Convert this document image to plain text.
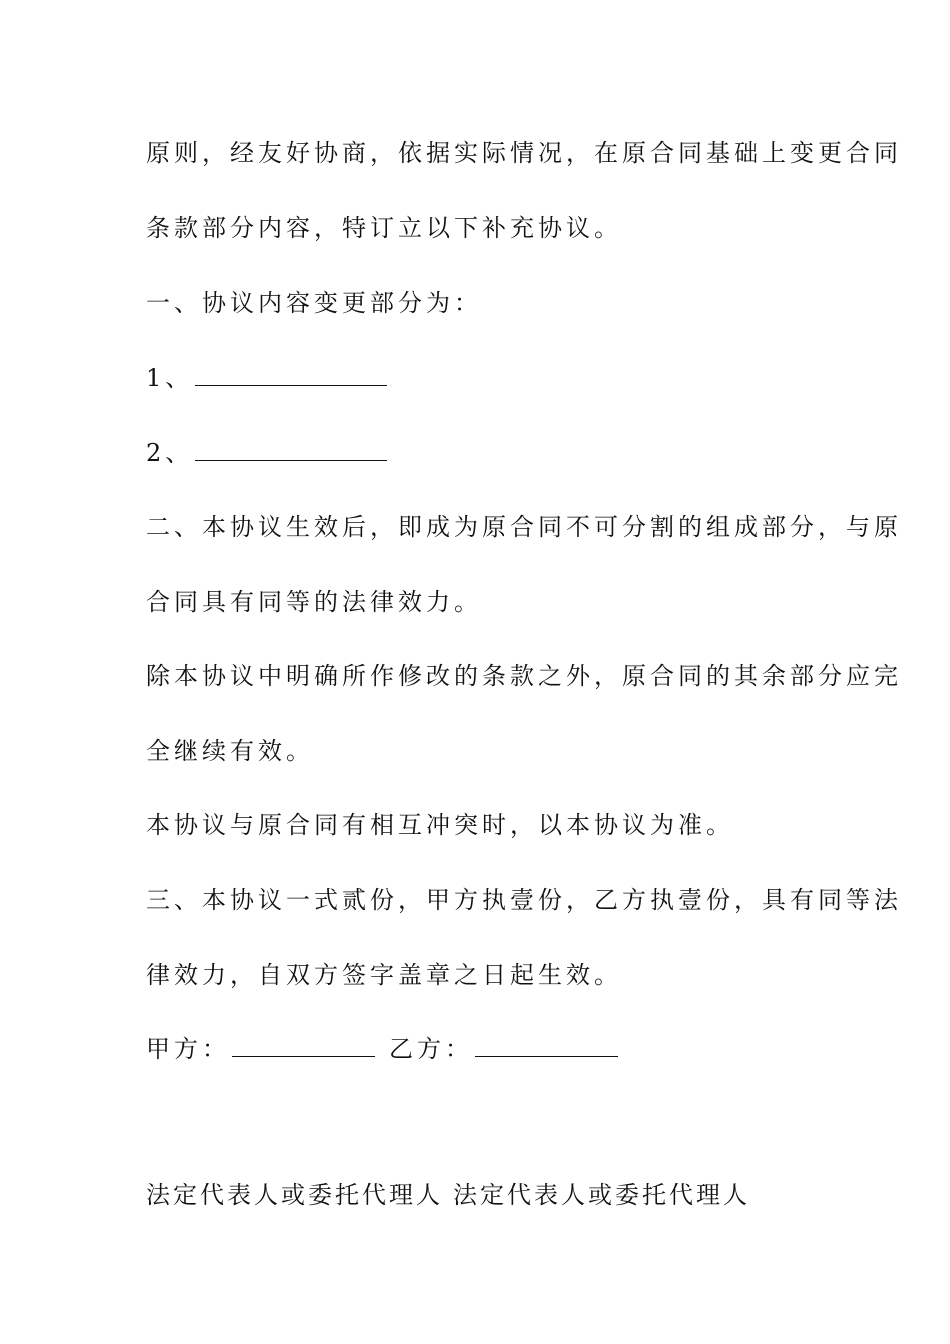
原则，经友好协商，依据实际情况，在原合同基础上变更合同
条款部分内容，特订立以下补充协议。
一、协议内容变更部分为：
1、
2、
二、本协议生效后，即成为原合同不可分割的组成部分，与原
合同具有同等的法律效力。
除本协议中明确所作修改的条款之外，原合同的其余部分应完
全继续有效。
本协议与原合同有相互冲突时，以本协议为准。
三、本协议一式贰份，甲方执壹份，乙方执壹份，具有同等法
律效力，自双方签字盖章之日起生效。
甲方：	乙方：
法定代表人或委托代理人 法定代表人或委托代理人
